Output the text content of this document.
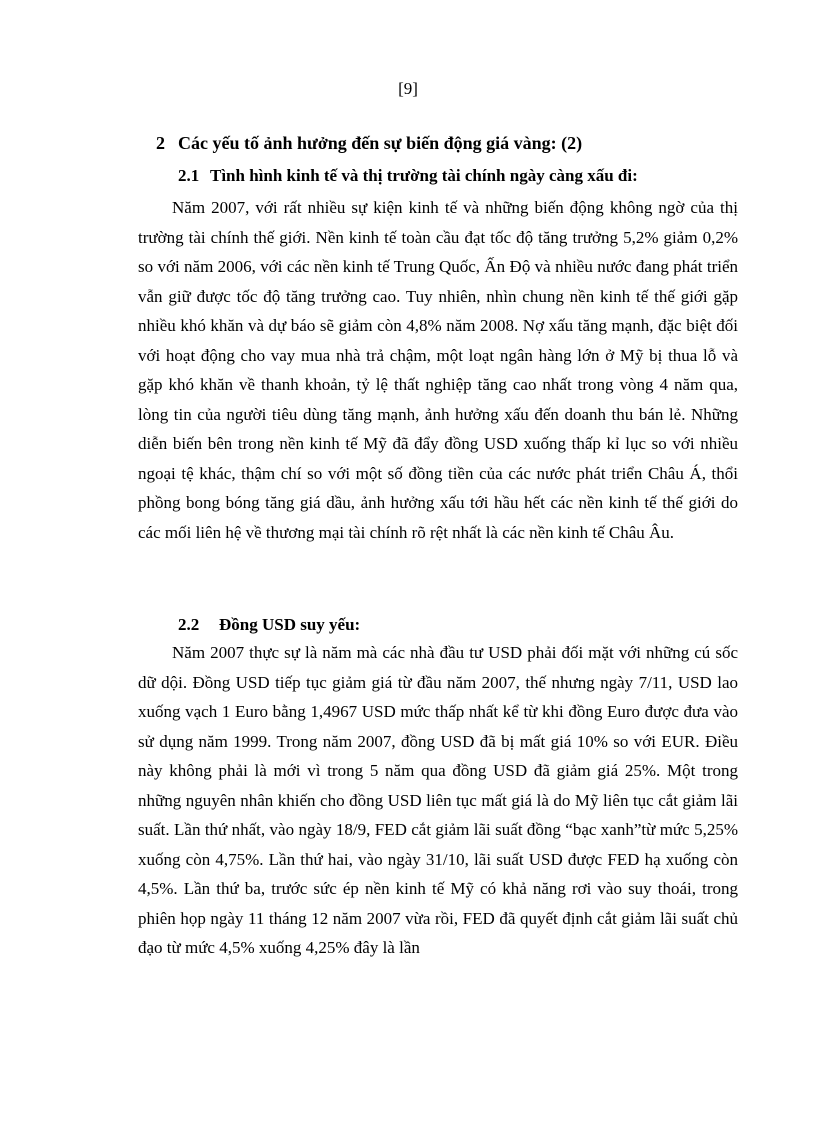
[9]
2 Các yếu tố ảnh hưởng đến sự biến động giá vàng: (2)
2.1 Tình hình kinh tế và thị trường tài chính ngày càng xấu đi:

Năm 2007, với rất nhiều sự kiện kinh tế và những biến động không ngờ của thị trường tài chính thế giới. Nền kinh tế toàn cầu đạt tốc độ tăng trưởng 5,2% giảm 0,2% so với năm 2006, với các nền kinh tế Trung Quốc, Ấn Độ và nhiều nước đang phát triển vẫn giữ được tốc độ tăng trưởng cao. Tuy nhiên, nhìn chung nền kinh tế thế giới gặp nhiều khó khăn và dự báo sẽ giảm còn 4,8% năm 2008. Nợ xấu tăng mạnh, đặc biệt đối với hoạt động cho vay mua nhà trả chậm, một loạt ngân hàng lớn ở Mỹ bị thua lỗ và gặp khó khăn về thanh khoản, tỷ lệ thất nghiệp tăng cao nhất trong vòng 4 năm qua, lòng tin của người tiêu dùng tăng mạnh, ảnh hưởng xấu đến doanh thu bán lẻ. Những diễn biến bên trong nền kinh tế Mỹ đã đẩy đồng USD xuống thấp kỉ lục so với nhiều ngoại tệ khác, thậm chí so với một số đồng tiền của các nước phát triển Châu Á, thổi phồng bong bóng tăng giá dầu, ảnh hưởng xấu tới hầu hết các nền kinh tế thế giới do các mối liên hệ về thương mại tài chính rõ rệt nhất là các nền kinh tế Châu Âu.

2.2 Đồng USD suy yếu:

Năm 2007 thực sự là năm mà các nhà đầu tư USD phải đối mặt với những cú sốc dữ dội. Đồng USD tiếp tục giảm giá từ đầu năm 2007, thế nhưng ngày 7/11, USD lao xuống vạch 1 Euro bằng 1,4967 USD mức thấp nhất kể từ khi đồng Euro được đưa vào sử dụng năm 1999. Trong năm 2007, đồng USD đã bị mất giá 10% so với EUR. Điều này không phải là mới vì trong 5 năm qua đồng USD đã giảm giá 25%. Một trong những nguyên nhân khiến cho đồng USD liên tục mất giá là do Mỹ liên tục cắt giảm lãi suất. Lần thứ nhất, vào ngày 18/9, FED cắt giảm lãi suất đồng “bạc xanh”từ mức 5,25% xuống còn 4,75%. Lần thứ hai, vào ngày 31/10, lãi suất USD được FED hạ xuống còn 4,5%. Lần thứ ba, trước sức ép nền kinh tế Mỹ có khả năng rơi vào suy thoái, trong phiên họp ngày 11 tháng 12 năm 2007 vừa rồi, FED đã quyết định cắt giảm lãi suất chủ đạo từ mức 4,5% xuống 4,25% đây là lần
